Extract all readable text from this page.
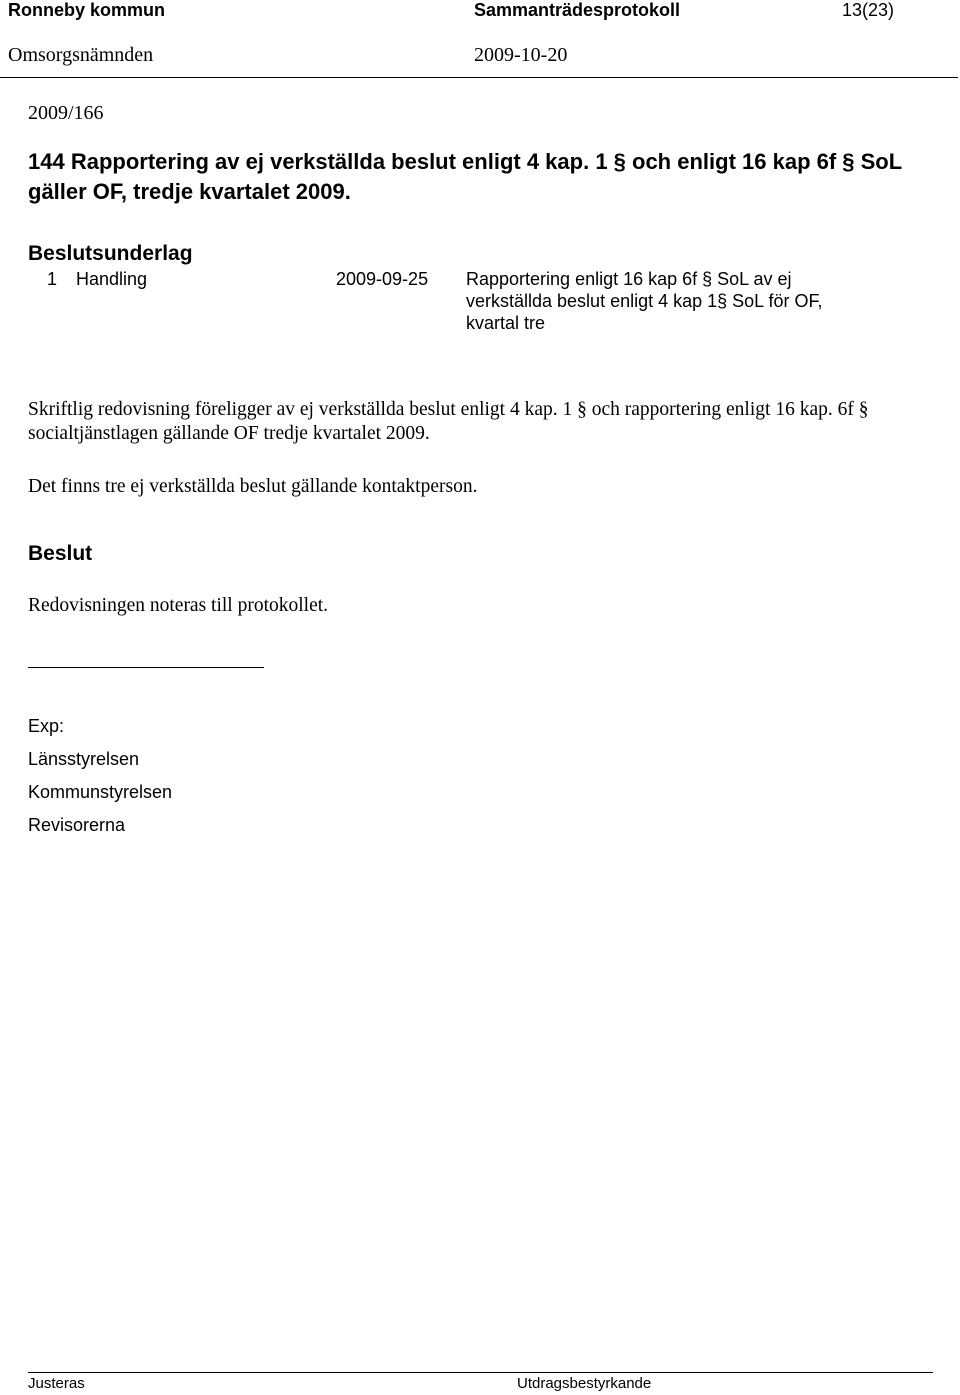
Ronneby kommun	Sammanträdesprotokoll	13(23)
Omsorgsnämnden	2009-10-20
2009/166
144 Rapportering av ej verkställda beslut enligt 4 kap. 1 § och enligt 16 kap 6f § SoL gäller OF, tredje kvartalet 2009.
Beslutsunderlag
1 Handling	2009-09-25 Rapportering enligt 16 kap 6f § SoL av ej verkställda beslut enligt 4 kap 1§ SoL för OF, kvartal tre
Skriftlig redovisning föreligger av ej verkställda beslut enligt 4 kap. 1 § och rapportering enligt 16 kap. 6f § socialtjänstlagen gällande OF tredje kvartalet 2009.
Det finns tre ej verkställda beslut gällande kontaktperson.
Beslut
Redovisningen noteras till protokollet.
Exp:
Länsstyrelsen
Kommunstyrelsen
Revisorerna
Justeras	Utdragsbestyrkande
